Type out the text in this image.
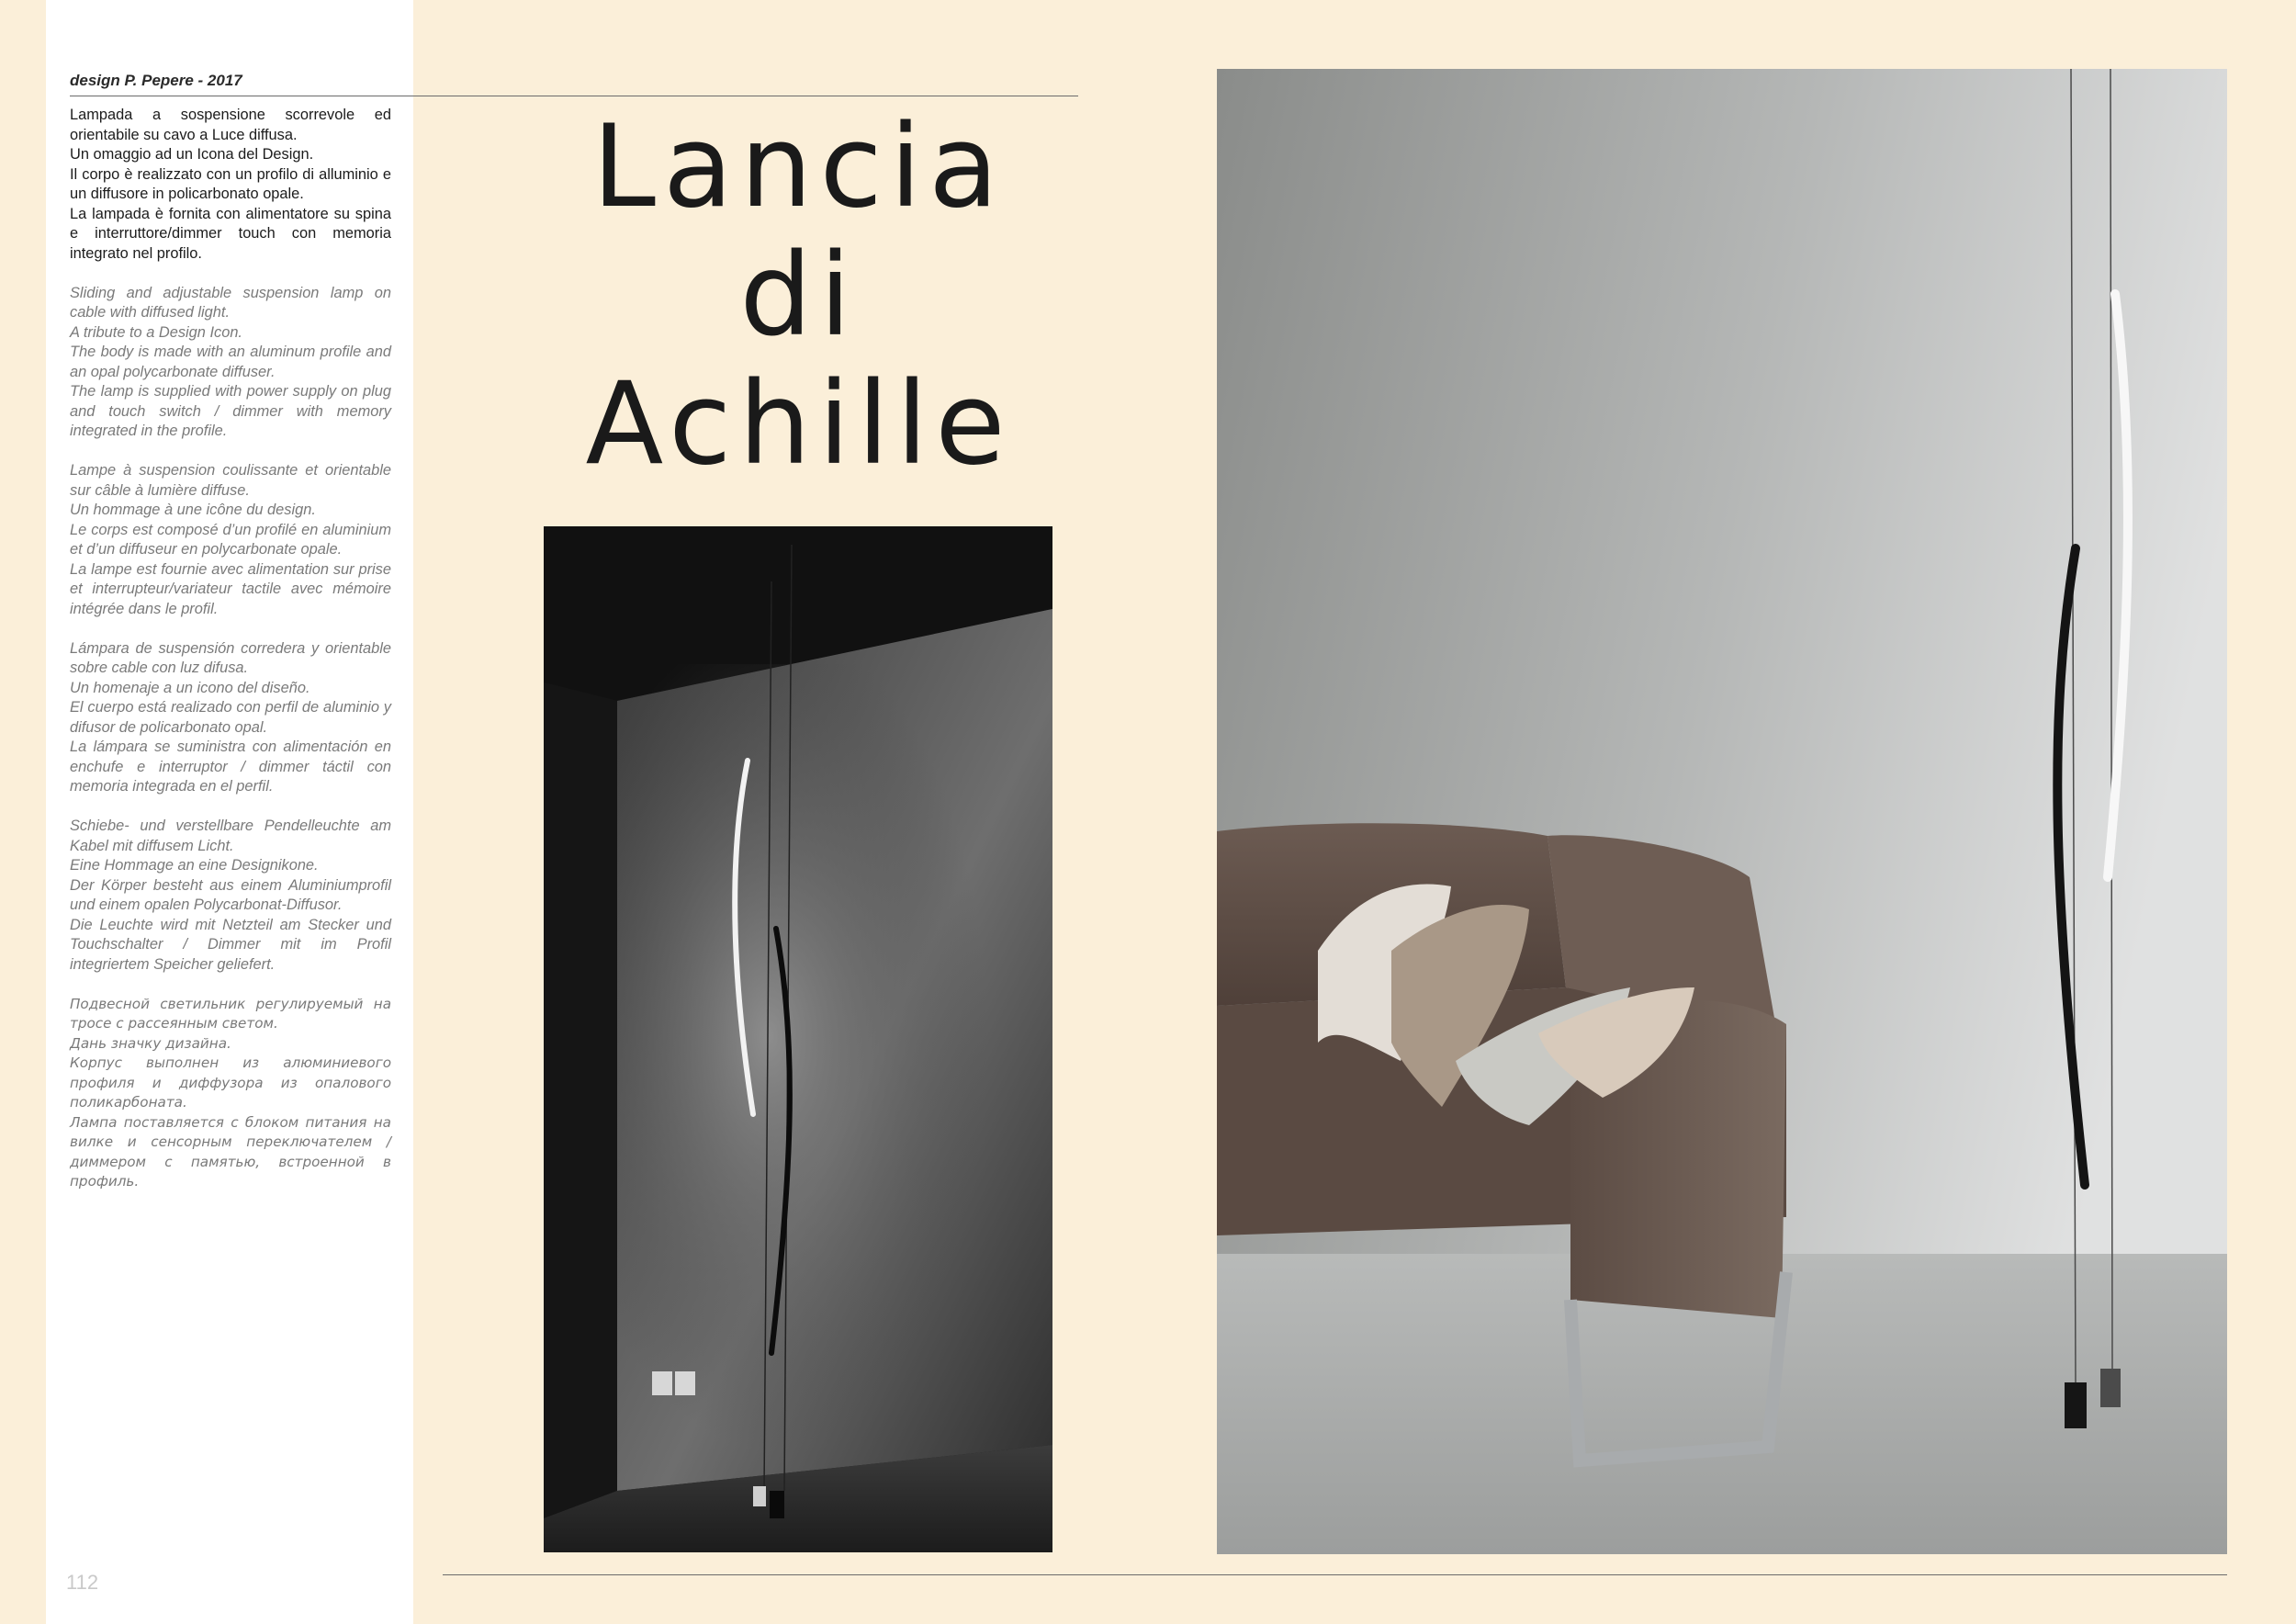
design P. Pepere - 2017

Lampada a sospensione scorrevole ed orientabile su cavo a Luce diffusa.
Un omaggio ad un Icona del Design.
Il corpo è realizzato con un profilo di alluminio e un diffusore in policarbonato opale.
La lampada è fornita con alimentatore su spina e interruttore/dimmer touch con memoria integrato nel profilo.

Sliding and adjustable suspension lamp on cable with diffused light.
A tribute to a Design Icon.
The body is made with an aluminum profile and an opal polycarbonate diffuser.
The lamp is supplied with power supply on plug and touch switch / dimmer with memory integrated in the profile.

Lampe à suspension coulissante et orientable sur câble à lumière diffuse.
Un hommage à une icône du design.
Le corps est composé d’un profilé en aluminium et d’un diffuseur en polycarbonate opale.
La lampe est fournie avec alimentation sur prise et interrupteur/variateur tactile avec mémoire intégrée dans le profil.

Lámpara de suspensión corredera y orientable sobre cable con luz difusa.
Un homenaje a un icono del diseño.
El cuerpo está realizado con perfil de aluminio y difusor de policarbonato opal.
La lámpara se suministra con alimentación en enchufe e interruptor / dimmer táctil con memoria integrada en el perfil.

Schiebe- und verstellbare Pendelleuchte am Kabel mit diffusem Licht.
Eine Hommage an eine Designikone.
Der Körper besteht aus einem Aluminiumprofil und einem opalen Polycarbonat-Diffusor.
Die Leuchte wird mit Netzteil am Stecker und Touchschalter / Dimmer mit im Profil integriertem Speicher geliefert.

Подвесной светильник регулируемый на тросе с рассеянным светом.
Дань значку дизайна.
Корпус выполнен из алюминиевого профиля и диффузора из опалового поликарбоната.
Лампа поставляется с блоком питания на вилке и сенсорным переключателем / диммером с памятью, встроенной в профиль.

112
Lancia
di Achille
